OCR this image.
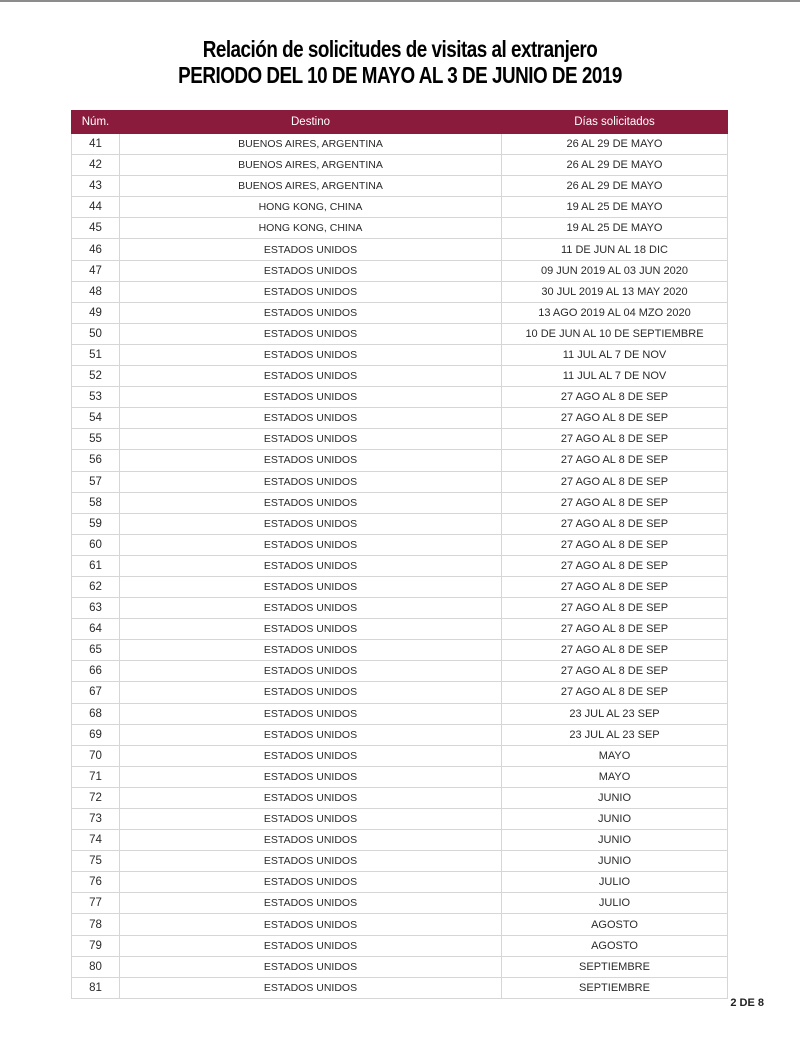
Relación de solicitudes de visitas al extranjero
PERIODO DEL 10 DE MAYO AL 3 DE JUNIO DE 2019
Núm.	Destino	Días solicitados
41	BUENOS AIRES, ARGENTINA	26 AL 29 DE MAYO
42	BUENOS AIRES, ARGENTINA	26 AL 29 DE MAYO
43	BUENOS AIRES, ARGENTINA	26 AL 29 DE MAYO
44	HONG KONG, CHINA	19 AL 25 DE MAYO
45	HONG KONG, CHINA	19 AL 25 DE MAYO
46	ESTADOS UNIDOS	11 DE JUN AL 18 DIC
47	ESTADOS UNIDOS	09 JUN 2019 AL 03 JUN 2020
48	ESTADOS UNIDOS	30 JUL 2019 AL 13 MAY 2020
49	ESTADOS UNIDOS	13 AGO 2019 AL 04 MZO 2020
50	ESTADOS UNIDOS	10 DE JUN AL 10 DE SEPTIEMBRE
51	ESTADOS UNIDOS	11 JUL AL 7 DE NOV
52	ESTADOS UNIDOS	11 JUL AL 7 DE NOV
53	ESTADOS UNIDOS	27 AGO AL 8 DE SEP
54	ESTADOS UNIDOS	27 AGO AL 8 DE SEP
55	ESTADOS UNIDOS	27 AGO AL 8 DE SEP
56	ESTADOS UNIDOS	27 AGO AL 8 DE SEP
57	ESTADOS UNIDOS	27 AGO AL 8 DE SEP
58	ESTADOS UNIDOS	27 AGO AL 8 DE SEP
59	ESTADOS UNIDOS	27 AGO AL 8 DE SEP
60	ESTADOS UNIDOS	27 AGO AL 8 DE SEP
61	ESTADOS UNIDOS	27 AGO AL 8 DE SEP
62	ESTADOS UNIDOS	27 AGO AL 8 DE SEP
63	ESTADOS UNIDOS	27 AGO AL 8 DE SEP
64	ESTADOS UNIDOS	27 AGO AL 8 DE SEP
65	ESTADOS UNIDOS	27 AGO AL 8 DE SEP
66	ESTADOS UNIDOS	27 AGO AL 8 DE SEP
67	ESTADOS UNIDOS	27 AGO AL 8 DE SEP
68	ESTADOS UNIDOS	23 JUL AL 23 SEP
69	ESTADOS UNIDOS	23 JUL AL 23 SEP
70	ESTADOS UNIDOS	MAYO
71	ESTADOS UNIDOS	MAYO
72	ESTADOS UNIDOS	JUNIO
73	ESTADOS UNIDOS	JUNIO
74	ESTADOS UNIDOS	JUNIO
75	ESTADOS UNIDOS	JUNIO
76	ESTADOS UNIDOS	JULIO
77	ESTADOS UNIDOS	JULIO
78	ESTADOS UNIDOS	AGOSTO
79	ESTADOS UNIDOS	AGOSTO
80	ESTADOS UNIDOS	SEPTIEMBRE
81	ESTADOS UNIDOS	SEPTIEMBRE
2 DE 8
